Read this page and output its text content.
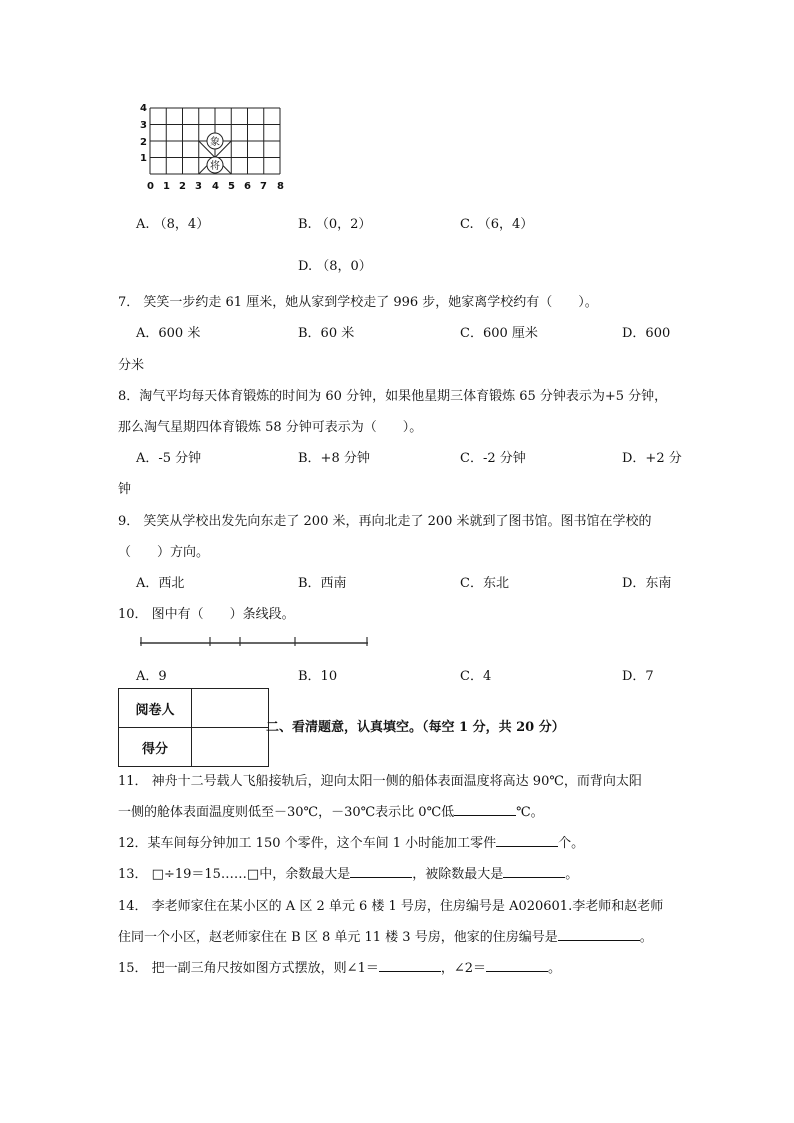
4
3
2
1
0 1 2 3 4 5 6 7 8
象
将
A. （8，4）	B. （0，2）	C. （6，4）
D. （8，0）
7． 笑笑一步约走 61 厘米，她从家到学校走了 996 步，她家离学校约有（　　）。
A．600 米	B．60 米	C．600 厘米	D．600
分米
8．淘气平均每天体育锻炼的时间为 60 分钟，如果他星期三体育锻炼 65 分钟表示为+5 分钟，
那么淘气星期四体育锻炼 58 分钟可表示为（　　）。
A．-5 分钟	B．+8 分钟	C．-2 分钟	D．+2 分
钟
9． 笑笑从学校出发先向东走了 200 米，再向北走了 200 米就到了图书馆。图书馆在学校的
（　　）方向。
A．西北	B．西南	C．东北	D．东南
10． 图中有（　　）条线段。
A．9	B．10	C．4	D．7
阅卷人	
得分	
二、看清题意，认真填空。（每空 1 分，共 20 分）
11． 神舟十二号载人飞船接轨后，迎向太阳一侧的船体表面温度将高达 90℃，而背向太阳
一侧的舱体表面温度则低至－30℃，－30℃表示比 0℃低	℃。
12．某车间每分钟加工 150 个零件，这个车间 1 小时能加工零件	个。
13． □÷19＝15……□中，余数最大是	，被除数最大是	。
14． 李老师家住在某小区的 A 区 2 单元 6 楼 1 号房，住房编号是 A020601.李老师和赵老师
住同一个小区，赵老师家住在 B 区 8 单元 11 楼 3 号房，他家的住房编号是	。
15． 把一副三角尺按如图方式摆放，则∠1＝	，∠2＝	。
